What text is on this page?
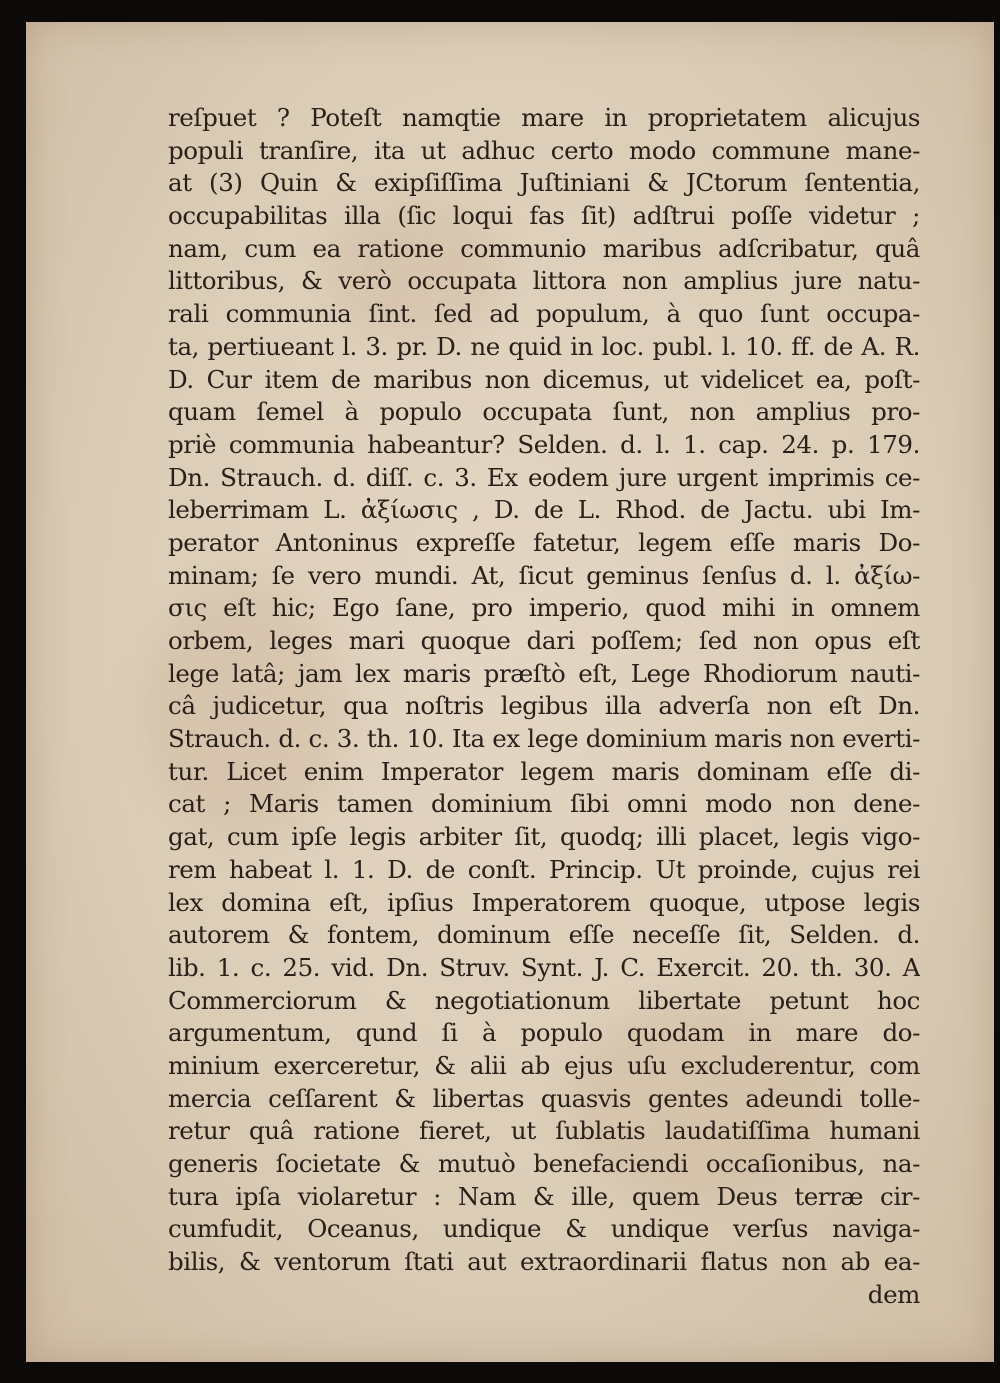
reſpuet ? Poteſt namqtie mare in proprietatem alicujus
populi tranſire, ita ut adhuc certo modo commune mane-
at (3) Quin & exipſiſſima Juſtiniani & JCtorum ſententia,
occupabilitas illa (ſic loqui fas ſit) adſtrui poſſe videtur ;
nam, cum ea ratione communio maribus adſcribatur, quâ
littoribus, & verò occupata littora non amplius jure natu-
rali communia ſint. ſed ad populum, à quo ſunt occupa-
ta, pertiueant l. 3. pr. D. ne quid in loc. publ. l. 10. ff. de A. R.
D. Cur item de maribus non dicemus, ut videlicet ea, poſt-
quam ſemel à populo occupata ſunt, non amplius pro-
priè communia habeantur? Selden. d. l. 1. cap. 24. p. 179.
Dn. Strauch. d. diſſ. c. 3. Ex eodem jure urgent imprimis ce-
leberrimam L. ἀξίωσις , D. de L. Rhod. de Jactu. ubi Im-
perator Antoninus expreſſe fatetur, legem eſſe maris Do-
minam; ſe vero mundi. At, ſicut geminus ſenſus d. l. ἀξίω-
σις eſt hic; Ego ſane, pro imperio, quod mihi in omnem
orbem, leges mari quoque dari poſſem; ſed non opus eſt
lege latâ; jam lex maris præſtò eſt, Lege Rhodiorum nauti-
câ judicetur, qua noſtris legibus illa adverſa non eſt Dn.
Strauch. d. c. 3. th. 10. Ita ex lege dominium maris non everti-
tur. Licet enim Imperator legem maris dominam eſſe di-
cat ; Maris tamen dominium ſibi omni modo non dene-
gat, cum ipſe legis arbiter ſit, quodq; illi placet, legis vigo-
rem habeat l. 1. D. de conſt. Princip. Ut proinde, cujus rei
lex domina eſt, ipſius Imperatorem quoque, utpose legis
autorem & fontem, dominum eſſe neceſſe ſit, Selden. d.
lib. 1. c. 25. vid. Dn. Struv. Synt. J. C. Exercit. 20. th. 30. A
Commerciorum & negotiationum libertate petunt hoc
argumentum, qund ſi à populo quodam in mare do-
minium exerceretur, & alii ab ejus uſu excluderentur, com
mercia ceſſarent & libertas quasvis gentes adeundi tolle-
retur quâ ratione fieret, ut ſublatis laudatiſſima humani
generis ſocietate & mutuò benefaciendi occaſionibus, na-
tura ipſa violaretur : Nam & ille, quem Deus terræ cir-
cumfudit, Oceanus, undique & undique verſus naviga-
bilis, & ventorum ſtati aut extraordinarii flatus non ab ea-
dem
